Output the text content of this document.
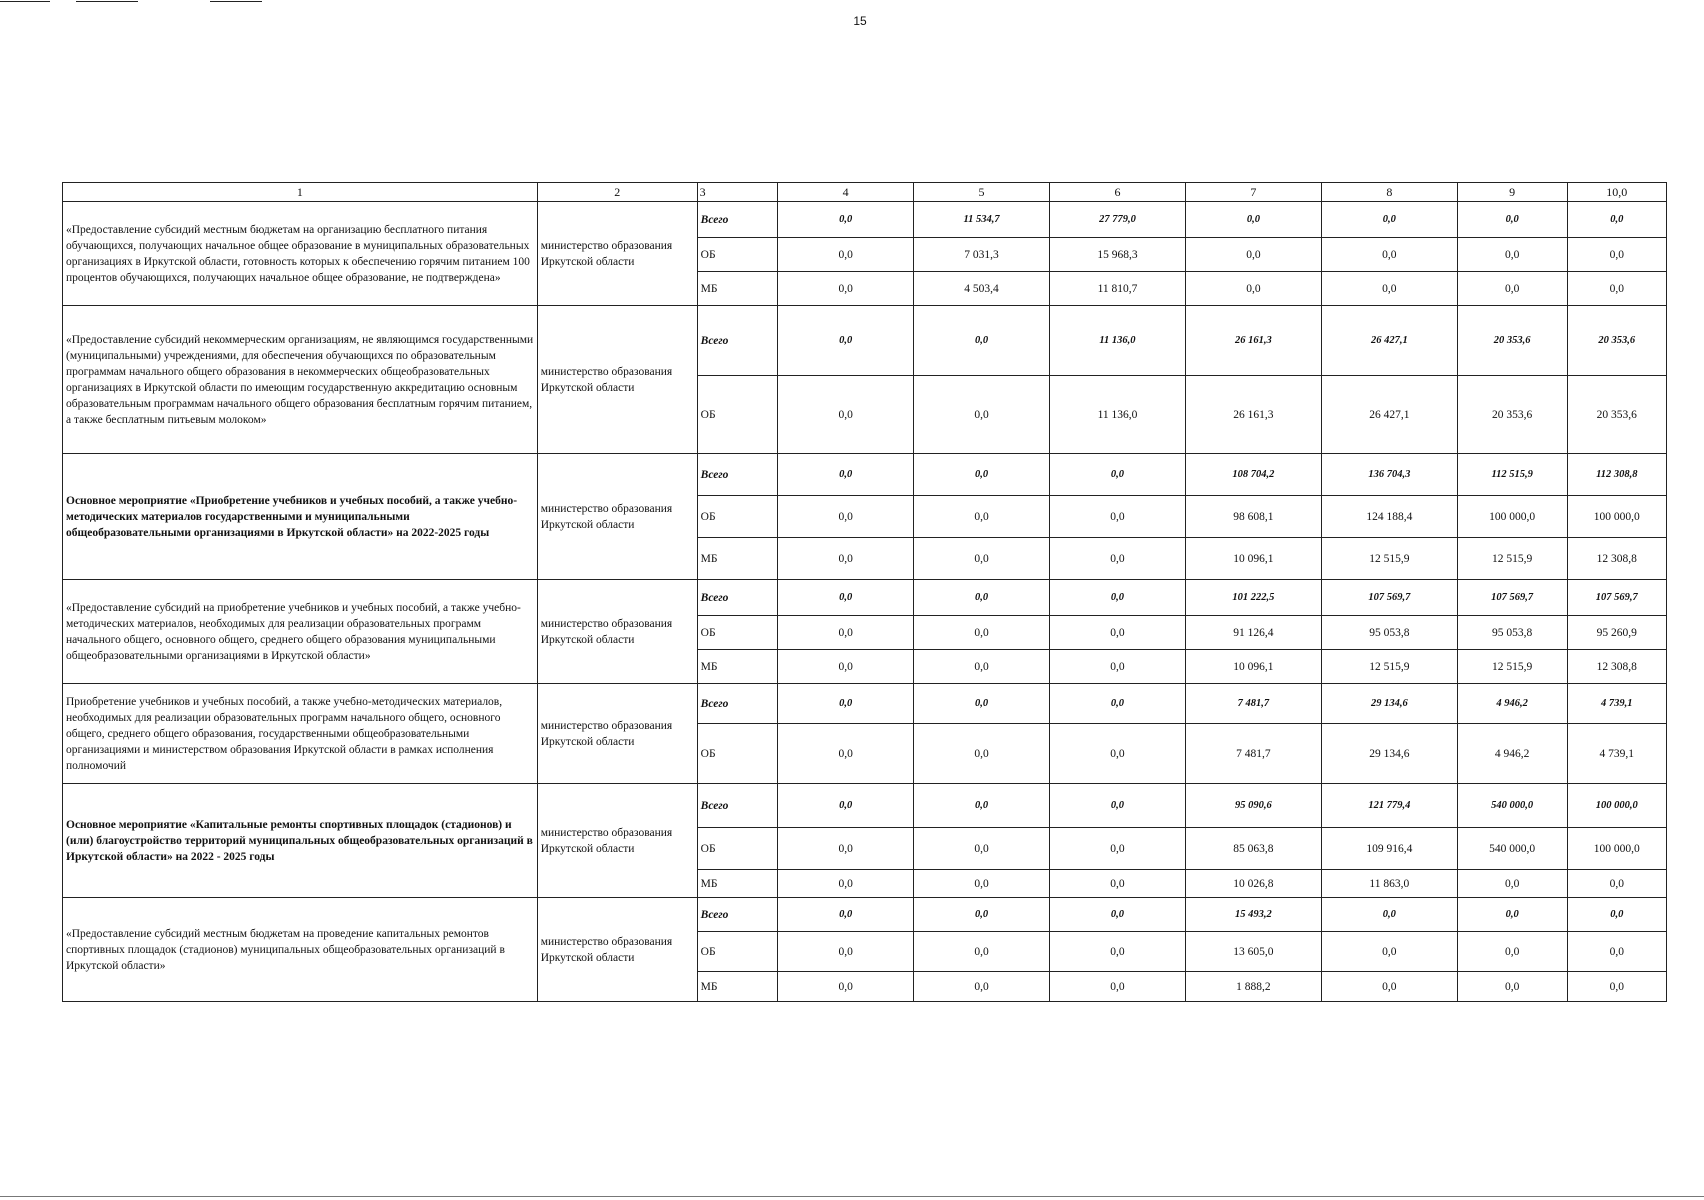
15
1	2	3	4	5	6	7	8	9	10,0
«Предоставление субсидий местным бюджетам на организацию бесплатного питания обучающихся, получающих начальное общее образование в муниципальных образовательных организациях в Иркутской области, готовность которых к обеспечению горячим питанием 100 процентов обучающихся, получающих начальное общее образование, не подтверждена»	министерство образования Иркутской области	Всего	0,0	11 534,7	27 779,0	0,0	0,0	0,0	0,0
		ОБ	0,0	7 031,3	15 968,3	0,0	0,0	0,0	0,0
		МБ	0,0	4 503,4	11 810,7	0,0	0,0	0,0	0,0
«Предоставление субсидий некоммерческим организациям, не являющимся государственными (муниципальными) учреждениями, для обеспечения обучающихся по образовательным программам начального общего образования в некоммерческих общеобразовательных организациях в Иркутской области по имеющим государственную аккредитацию основным образовательным программам начального общего образования бесплатным горячим питанием, а также бесплатным питьевым молоком»	министерство образования Иркутской области	Всего	0,0	0,0	11 136,0	26 161,3	26 427,1	20 353,6	20 353,6
		ОБ	0,0	0,0	11 136,0	26 161,3	26 427,1	20 353,6	20 353,6
Основное мероприятие «Приобретение учебников и учебных пособий, а также учебно-методических материалов государственными и муниципальными общеобразовательными организациями в Иркутской области» на 2022-2025 годы	министерство образования Иркутской области	Всего	0,0	0,0	0,0	108 704,2	136 704,3	112 515,9	112 308,8
		ОБ	0,0	0,0	0,0	98 608,1	124 188,4	100 000,0	100 000,0
		МБ	0,0	0,0	0,0	10 096,1	12 515,9	12 515,9	12 308,8
«Предоставление субсидий на приобретение учебников и учебных пособий, а также учебно-методических материалов, необходимых для реализации образовательных программ начального общего, основного общего, среднего общего образования муниципальными общеобразовательными организациями в Иркутской области»	министерство образования Иркутской области	Всего	0,0	0,0	0,0	101 222,5	107 569,7	107 569,7	107 569,7
		ОБ	0,0	0,0	0,0	91 126,4	95 053,8	95 053,8	95 260,9
		МБ	0,0	0,0	0,0	10 096,1	12 515,9	12 515,9	12 308,8
Приобретение учебников и учебных пособий, а также учебно-методических материалов, необходимых для реализации образовательных программ начального общего, основного общего, среднего общего образования, государственными общеобразовательными организациями и министерством образования Иркутской области в рамках исполнения полномочий	министерство образования Иркутской области	Всего	0,0	0,0	0,0	7 481,7	29 134,6	4 946,2	4 739,1
		ОБ	0,0	0,0	0,0	7 481,7	29 134,6	4 946,2	4 739,1
Основное мероприятие «Капитальные ремонты спортивных площадок (стадионов) и (или) благоустройство территорий муниципальных общеобразовательных организаций в Иркутской области» на 2022 - 2025 годы	министерство образования Иркутской области	Всего	0,0	0,0	0,0	95 090,6	121 779,4	540 000,0	100 000,0
		ОБ	0,0	0,0	0,0	85 063,8	109 916,4	540 000,0	100 000,0
		МБ	0,0	0,0	0,0	10 026,8	11 863,0	0,0	0,0
«Предоставление субсидий местным бюджетам на проведение капитальных ремонтов спортивных площадок (стадионов) муниципальных общеобразовательных организаций в Иркутской области»	министерство образования Иркутской области	Всего	0,0	0,0	0,0	15 493,2	0,0	0,0	0,0
		ОБ	0,0	0,0	0,0	13 605,0	0,0	0,0	0,0
		МБ	0,0	0,0	0,0	1 888,2	0,0	0,0	0,0
